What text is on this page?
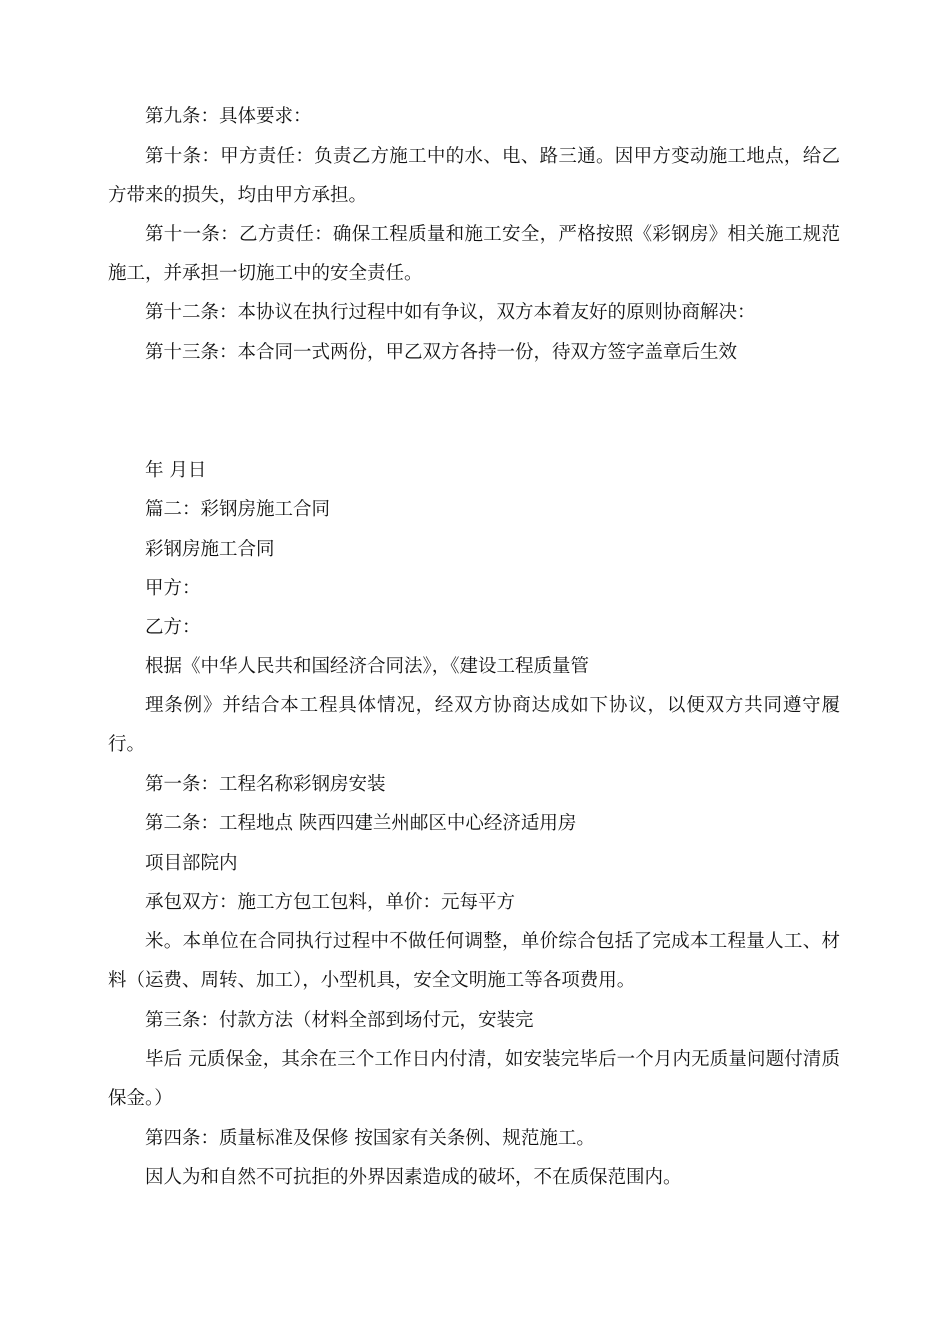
第九条：具体要求：

第十条：甲方责任：负责乙方施工中的水、电、路三通。因甲方变动施工地点，给乙方带来的损失，均由甲方承担。

第十一条：乙方责任：确保工程质量和施工安全，严格按照《彩钢房》相关施工规范施工，并承担一切施工中的安全责任。

第十二条：本协议在执行过程中如有争议，双方本着友好的原则协商解决：

第十三条：本合同一式两份，甲乙双方各持一份，待双方签字盖章后生效

年 月日

篇二：彩钢房施工合同

彩钢房施工合同

甲方：

乙方：

根据《中华人民共和国经济合同法》，《建设工程质量管

理条例》并结合本工程具体情况，经双方协商达成如下协议，以便双方共同遵守履行。

第一条：工程名称彩钢房安装

第二条：工程地点 陕西四建兰州邮区中心经济适用房

项目部院内

承包双方：施工方包工包料，单价：元每平方

米。本单位在合同执行过程中不做任何调整，单价综合包括了完成本工程量人工、材料（运费、周转、加工），小型机具，安全文明施工等各项费用。

第三条：付款方法（材料全部到场付元，安装完

毕后 元质保金，其余在三个工作日内付清，如安装完毕后一个月内无质量问题付清质保金。）

第四条：质量标准及保修 按国家有关条例、规范施工。

因人为和自然不可抗拒的外界因素造成的破坏，不在质保范围内。
